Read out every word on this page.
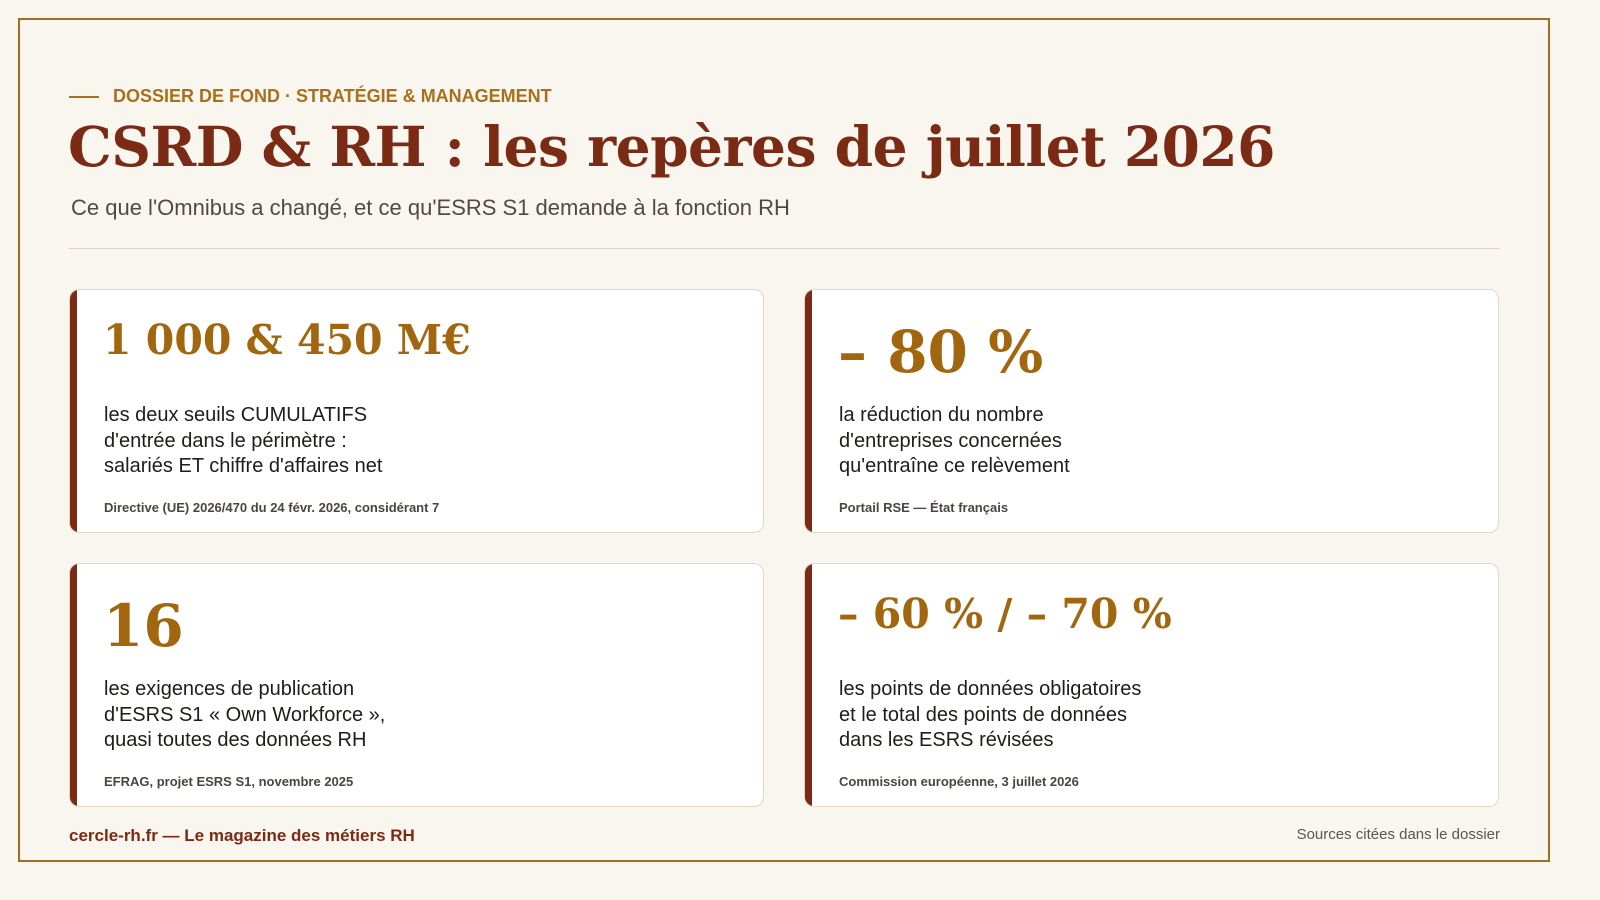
DOSSIER DE FOND · STRATÉGIE & MANAGEMENT
CSRD & RH : les repères de juillet 2026

Ce que l'Omnibus a changé, et ce qu'ESRS S1 demande à la fonction RH

1 000 & 450 M€

les deux seuils CUMULATIFS
d'entrée dans le périmètre :
salariés ET chiffre d'affaires net

Directive (UE) 2026/470 du 24 févr. 2026, considérant 7

– 80 %

la réduction du nombre
d'entreprises concernées
qu'entraîne ce relèvement

Portail RSE — État français

16

les exigences de publication
d'ESRS S1 « Own Workforce »,
quasi toutes des données RH

EFRAG, projet ESRS S1, novembre 2025

– 60 % / – 70 %

les points de données obligatoires
et le total des points de données
dans les ESRS révisées

Commission européenne, 3 juillet 2026

cercle-rh.fr — Le magazine des métiers RH	Sources citées dans le dossier
